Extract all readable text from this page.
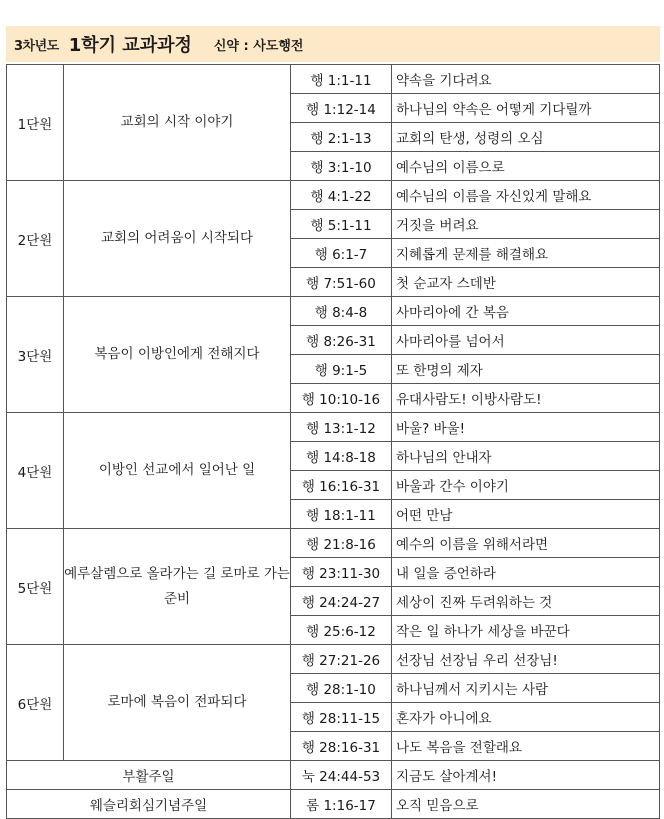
3차년도 1학기 교과과정 신약 : 사도행전
1단원	교회의 시작 이야기	행 1:1-11	약속을 기다려요
		행 1:12-14	하나님의 약속은 어떻게 기다릴까
		행 2:1-13	교회의 탄생, 성령의 오심
		행 3:1-10	예수님의 이름으로
2단원	교회의 어려움이 시작되다	행 4:1-22	예수님의 이름을 자신있게 말해요
		행 5:1-11	거짓을 버려요
		행 6:1-7	지혜롭게 문제를 해결해요
		행 7:51-60	첫 순교자 스데반
3단원	복음이 이방인에게 전해지다	행 8:4-8	사마리아에 간 복음
		행 8:26-31	사마리아를 넘어서
		행 9:1-5	또 한명의 제자
		행 10:10-16	유대사람도! 이방사람도!
4단원	이방인 선교에서 일어난 일	행 13:1-12	바울? 바울!
		행 14:8-18	하나님의 안내자
		행 16:16-31	바울과 간수 이야기
		행 18:1-11	어떤 만남
5단원	예루살렘으로 올라가는 길 로마로 가는 준비	행 21:8-16	예수의 이름을 위해서라면
		행 23:11-30	내 일을 증언하라
		행 24:24-27	세상이 진짜 두려워하는 것
		행 25:6-12	작은 일 하나가 세상을 바꾼다
6단원	로마에 복음이 전파되다	행 27:21-26	선장님 선장님 우리 선장님!
		행 28:1-10	하나님께서 지키시는 사람
		행 28:11-15	혼자가 아니에요
		행 28:16-31	나도 복음을 전할래요
부활주일		눅 24:44-53	지금도 살아계셔!
웨슬리회심기념주일		롬 1:16-17	오직 믿음으로
